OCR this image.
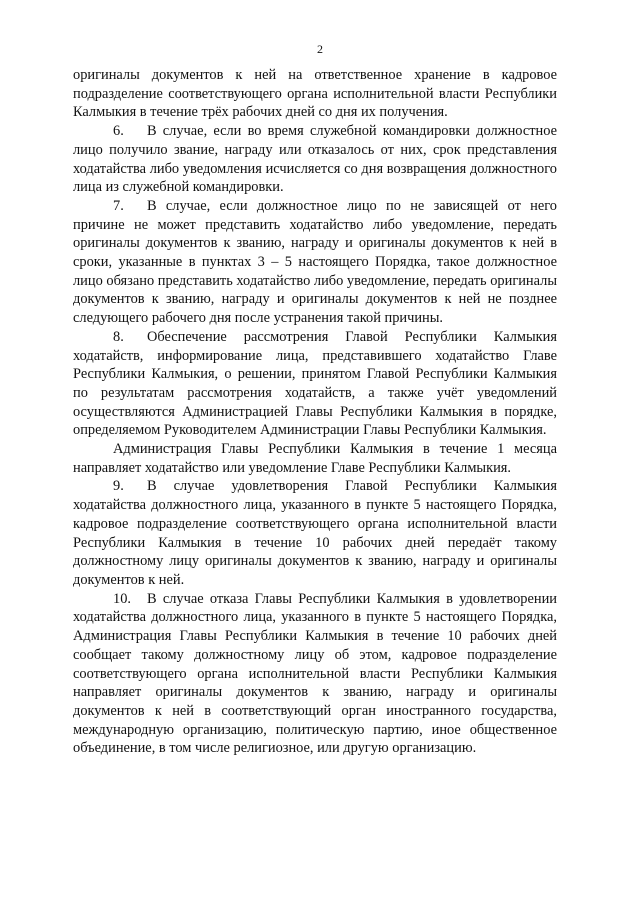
2

оригиналы документов к ней на ответственное хранение в кадровое подразделение соответствующего органа исполнительной власти Республики Калмыкия в течение трёх рабочих дней со дня их получения.

6. В случае, если во время служебной командировки должностное лицо получило звание, награду или отказалось от них, срок представления ходатайства либо уведомления исчисляется со дня возвращения должностного лица из служебной командировки.

7. В случае, если должностное лицо по не зависящей от него причине не может представить ходатайство либо уведомление, передать оригиналы документов к званию, награду и оригиналы документов к ней в сроки, указанные в пунктах 3 – 5 настоящего Порядка, такое должностное лицо обязано представить ходатайство либо уведомление, передать оригиналы документов к званию, награду и оригиналы документов к ней не позднее следующего рабочего дня после устранения такой причины.

8. Обеспечение рассмотрения Главой Республики Калмыкия ходатайств, информирование лица, представившего ходатайство Главе Республики Калмыкия, о решении, принятом Главой Республики Калмыкия по результатам рассмотрения ходатайств, а также учёт уведомлений осуществляются Администрацией Главы Республики Калмыкия в порядке, определяемом Руководителем Администрации Главы Республики Калмыкия.

Администрация Главы Республики Калмыкия в течение 1 месяца направляет ходатайство или уведомление Главе Республики Калмыкия.

9. В случае удовлетворения Главой Республики Калмыкия ходатайства должностного лица, указанного в пункте 5 настоящего Порядка, кадровое подразделение соответствующего органа исполнительной власти Республики Калмыкия в течение 10 рабочих дней передаёт такому должностному лицу оригиналы документов к званию, награду и оригиналы документов к ней.

10. В случае отказа Главы Республики Калмыкия в удовлетворении ходатайства должностного лица, указанного в пункте 5 настоящего Порядка, Администрация Главы Республики Калмыкия в течение 10 рабочих дней сообщает такому должностному лицу об этом, кадровое подразделение соответствующего органа исполнительной власти Республики Калмыкия направляет оригиналы документов к званию, награду и оригиналы документов к ней в соответствующий орган иностранного государства, международную организацию, политическую партию, иное общественное объединение, в том числе религиозное, или другую организацию.
